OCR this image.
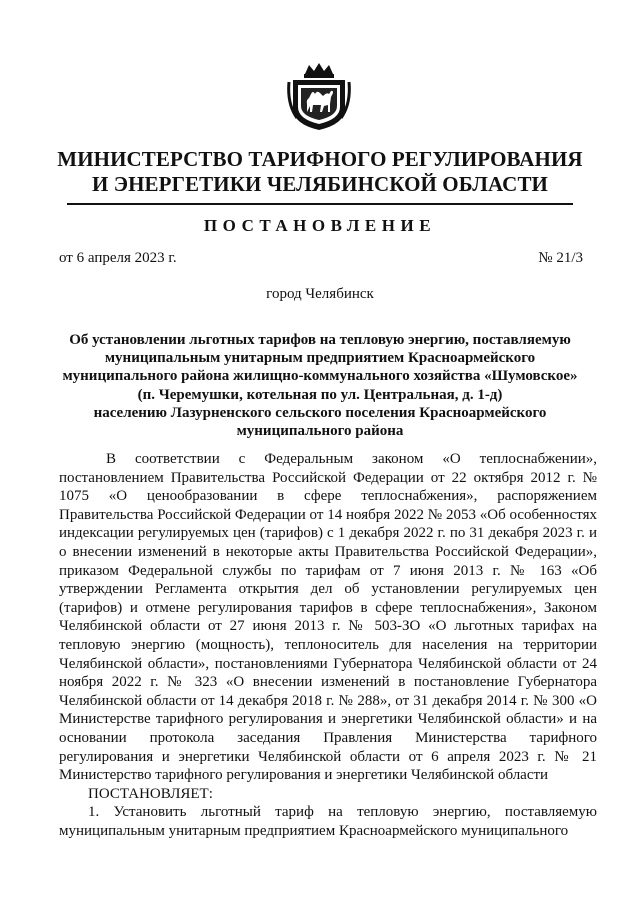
МИНИСТЕРСТВО ТАРИФНОГО РЕГУЛИРОВАНИЯ
И ЭНЕРГЕТИКИ ЧЕЛЯБИНСКОЙ ОБЛАСТИ
ПОСТАНОВЛЕНИЕ
от 6 апреля 2023 г.	№ 21/3
город Челябинск
Об установлении льготных тарифов на тепловую энергию, поставляемую
муниципальным унитарным предприятием Красноармейского
муниципального района жилищно-коммунального хозяйства «Шумовское»
(п. Черемушки, котельная по ул. Центральная, д. 1-д)
населению Лазурненского сельского поселения Красноармейского
муниципального района

В соответствии с Федеральным законом «О теплоснабжении», постановлением Правительства Российской Федерации от 22 октября 2012 г. № 1075 «О ценообразовании в сфере теплоснабжения», распоряжением Правительства Российской Федерации от 14 ноября 2022 № 2053 «Об особенностях индексации регулируемых цен (тарифов) с 1 декабря 2022 г. по 31 декабря 2023 г. и о внесении изменений в некоторые акты Правительства Российской Федерации», приказом Федеральной службы по тарифам от 7 июня 2013 г. № 163 «Об утверждении Регламента открытия дел об установлении регулируемых цен (тарифов) и отмене регулирования тарифов в сфере теплоснабжения», Законом Челябинской области от 27 июня 2013 г. № 503-ЗО «О льготных тарифах на тепловую энергию (мощность), теплоноситель для населения на территории Челябинской области», постановлениями Губернатора Челябинской области от 24 ноября 2022 г. № 323 «О внесении изменений в постановление Губернатора Челябинской области от 14 декабря 2018 г. № 288», от 31 декабря 2014 г. № 300 «О Министерстве тарифного регулирования и энергетики Челябинской области» и на основании протокола заседания Правления Министерства тарифного регулирования и энергетики Челябинской области от 6 апреля 2023 г. № 21 Министерство тарифного регулирования и энергетики Челябинской области

ПОСТАНОВЛЯЕТ:

1. Установить льготный тариф на тепловую энергию, поставляемую муниципальным унитарным предприятием Красноармейского муниципального
